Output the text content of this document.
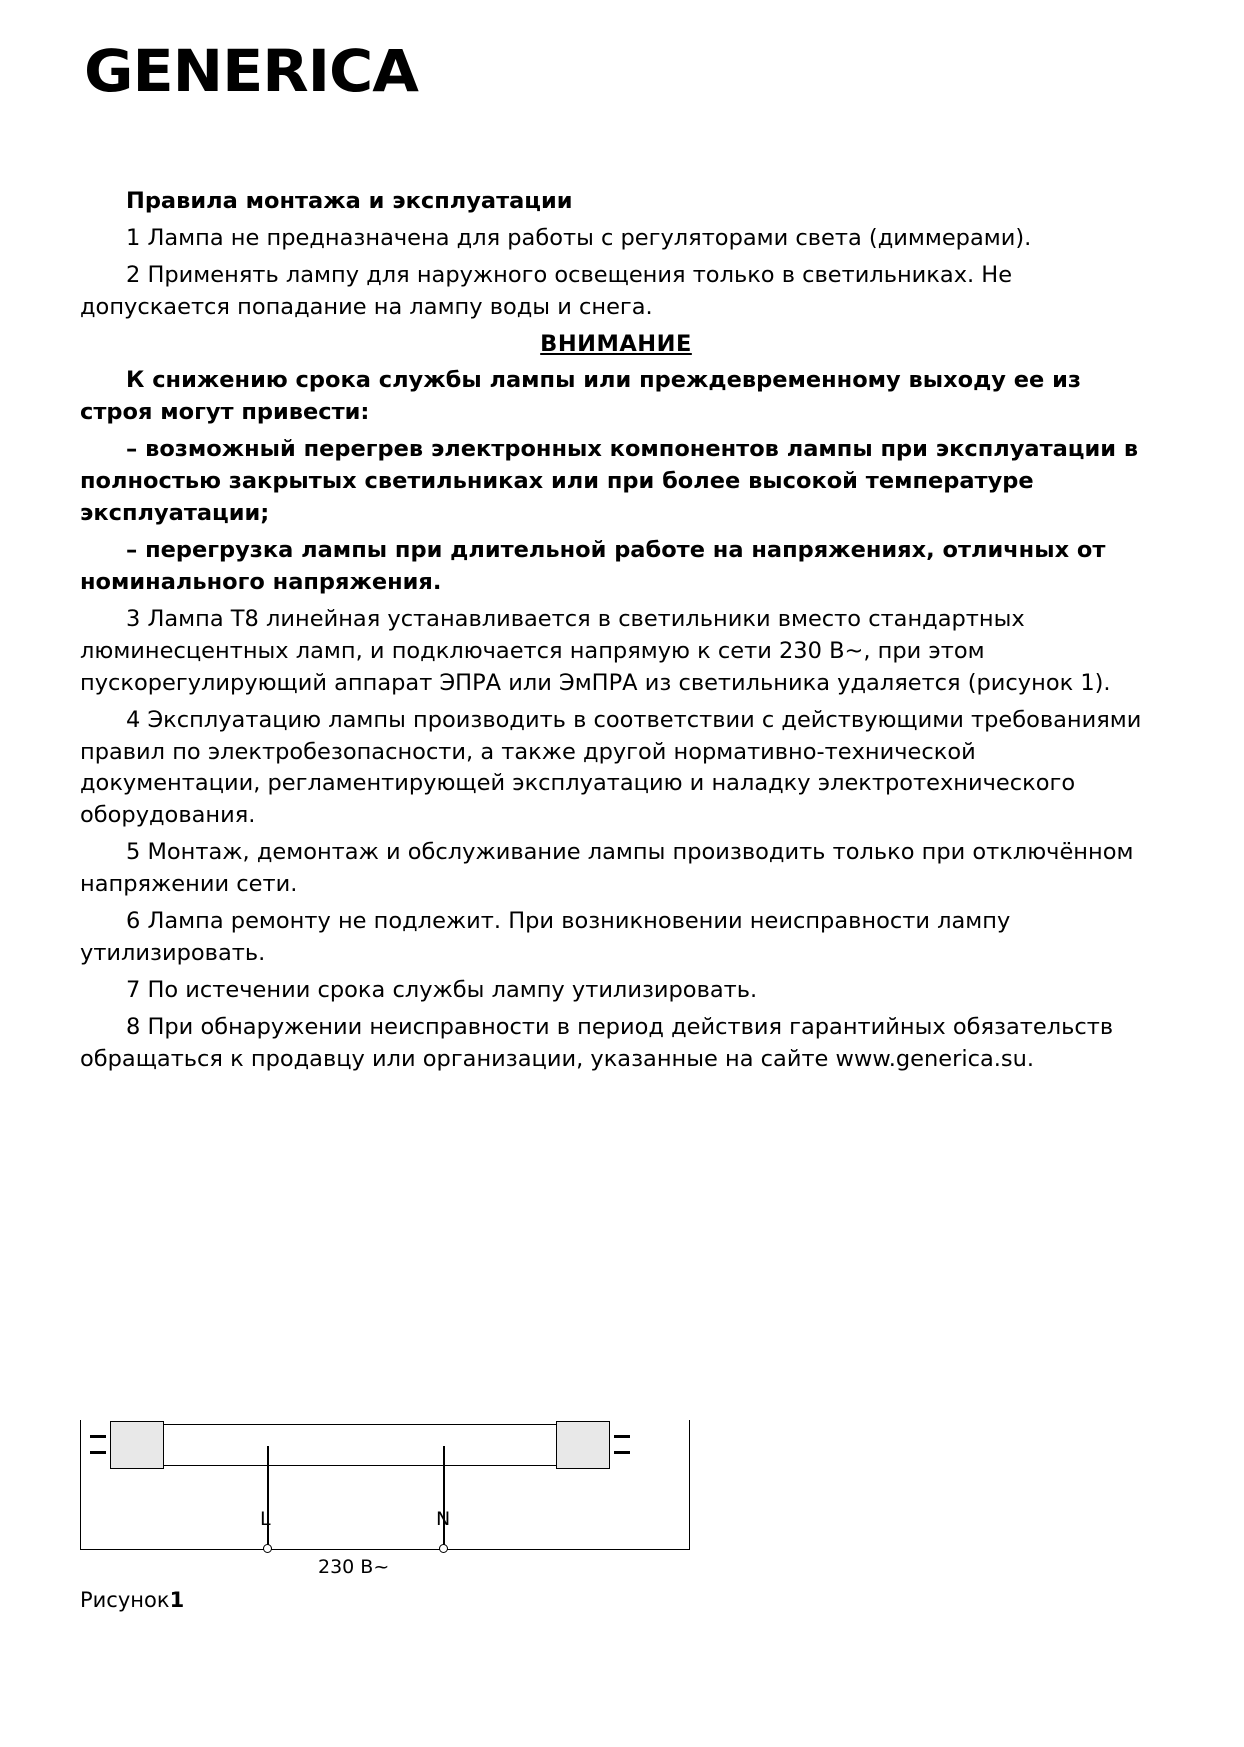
GENERICA

Правила монтажа и эксплуатации

1 Лампа не предназначена для работы с регуляторами света (диммерами).

2 Применять лампу для наружного освещения только в светильниках. Не допускается попадание на лампу воды и снега.

ВНИМАНИЕ

К снижению срока службы лампы или преждевременному выходу ее из строя могут привести:

– возможный перегрев электронных компонентов лампы при эксплуатации в полностью закрытых светильниках или при более высокой температуре эксплуатации;

– перегрузка лампы при длительной работе на напряжениях, отличных от номинального напряжения.

3 Лампа Т8 линейная устанавливается в светильники вместо стандартных люминесцентных ламп, и подключается напрямую к сети 230 В~, при этом пускорегулирующий аппарат ЭПРА или ЭмПРА из светильника удаляется (рисунок 1).

4 Эксплуатацию лампы производить в соответствии с действующими требованиями правил по электробезопасности, а также другой нормативно-технической документации, регламентирующей эксплуатацию и наладку электротехнического оборудования.

5 Монтаж, демонтаж и обслуживание лампы производить только при отключённом напряжении сети.

6 Лампа ремонту не подлежит. При возникновении неисправности лампу утилизировать.

7 По истечении срока службы лампу утилизировать.

8 При обнаружении неисправности в период действия гарантийных обязательств обращаться к продавцу или организации, указанные на сайте www.generica.su.

L	N
230 В~
Рисунок1
